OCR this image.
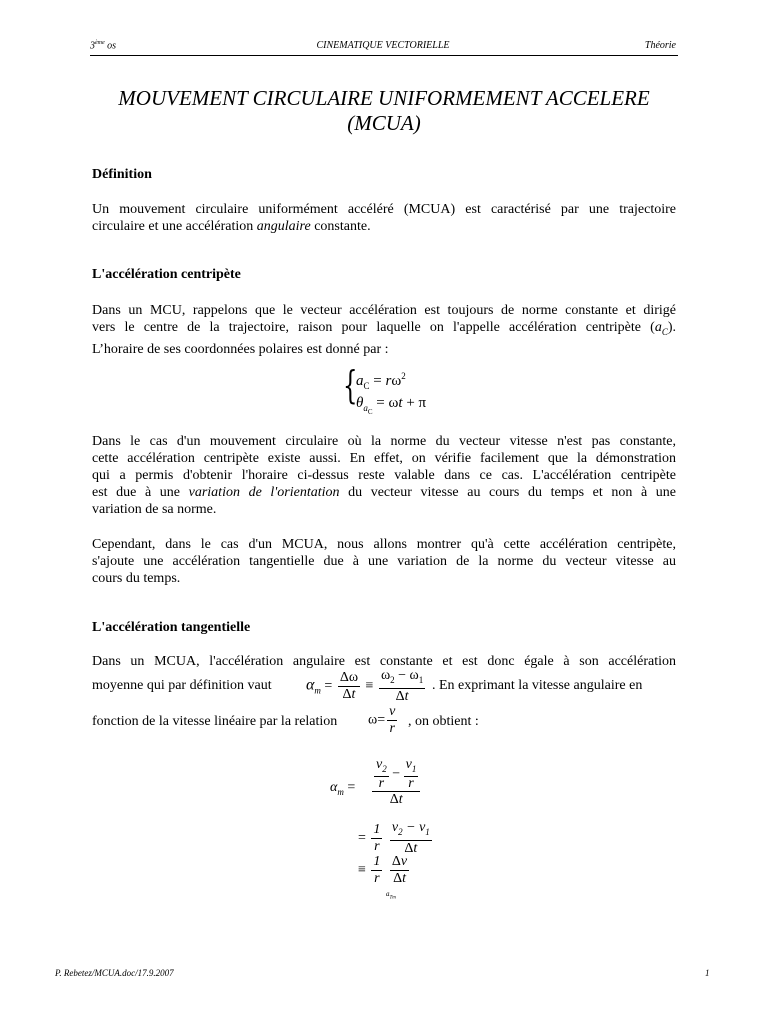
3ème os	CINEMATIQUE VECTORIELLE	Théorie
MOUVEMENT CIRCULAIRE UNIFORMEMENT ACCELERE
(MCUA)
Définition
Un mouvement circulaire uniformément accéléré (MCUA) est caractérisé par une trajectoire
circulaire et une accélération angulaire constante.
L'accélération centripète
Dans un MCU, rappelons que le vecteur accélération est toujours de norme constante et dirigé
vers le centre de la trajectoire, raison pour laquelle on l'appelle accélération centripète $(a_C)$.
L’horaire de ses coordonnées polaires est donné par :
{
$a_C = r\omega^2$
$\theta_{a_C} = \omega t + \pi$
Dans le cas d'un mouvement circulaire où la norme du vecteur vitesse n'est pas constante,
cette accélération centripète existe aussi. En effet, on vérifie facilement que la démonstration
qui a permis d'obtenir l'horaire ci-dessus reste valable dans ce cas. L'accélération centripète
est due à une variation de l'orientation du vecteur vitesse au cours du temps et non à une
variation de sa norme.
Cependant, dans le cas d'un MCUA, nous allons montrer qu'à cette accélération centripète,
s'ajoute une accélération tangentielle due à une variation de la norme du vecteur vitesse au
cours du temps.
L'accélération tangentielle
Dans un MCUA, l'accélération angulaire est constante et est donc égale à son accélération
moyenne qui par définition vaut $\alpha_m = \frac{\Delta\omega}{\Delta t} \equiv \frac{\omega_2 - \omega_1}{\Delta t}$ . En exprimant la vitesse angulaire en
fonction de la vitesse linéaire par la relation $\omega= \frac{v}{r}$ , on obtient :
$\alpha_m = \frac{\frac{v_2}{r} - \frac{v_1}{r}}{\Delta t}$
= $\frac{1}{r}$
$\frac{v_2 - v_1}{\Delta t}$
≡ $\frac{1}{r}$
$\frac{\Delta v}{\Delta t}$
$a_{Tm}$
P. Rebetez/MCUA.doc/17.9.2007	1
